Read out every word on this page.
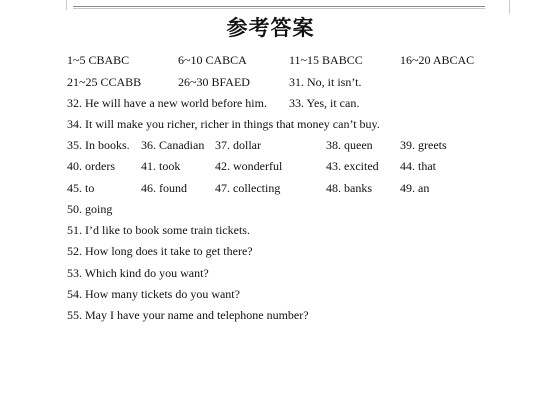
参考答案
1~5 CBABC	6~10 CABCA	11~15 BABCC	16~20 ABCAC
21~25 CCABB	26~30 BFAED	31. No, it isn’t.
32. He will have a new world before him. 33. Yes, it can.
34. It will make you richer, richer in things that money can’t buy.
35. In books. 36. Canadian 37. dollar	38. queen 39. greets
40. orders 41. took	42. wonderful	43. excited 44. that
45. to	46. found 47. collecting	48. banks 49. an
50. going
51. I’d like to book some train tickets.
52. How long does it take to get there?
53. Which kind do you want?
54. How many tickets do you want?
55. May I have your name and telephone number?
